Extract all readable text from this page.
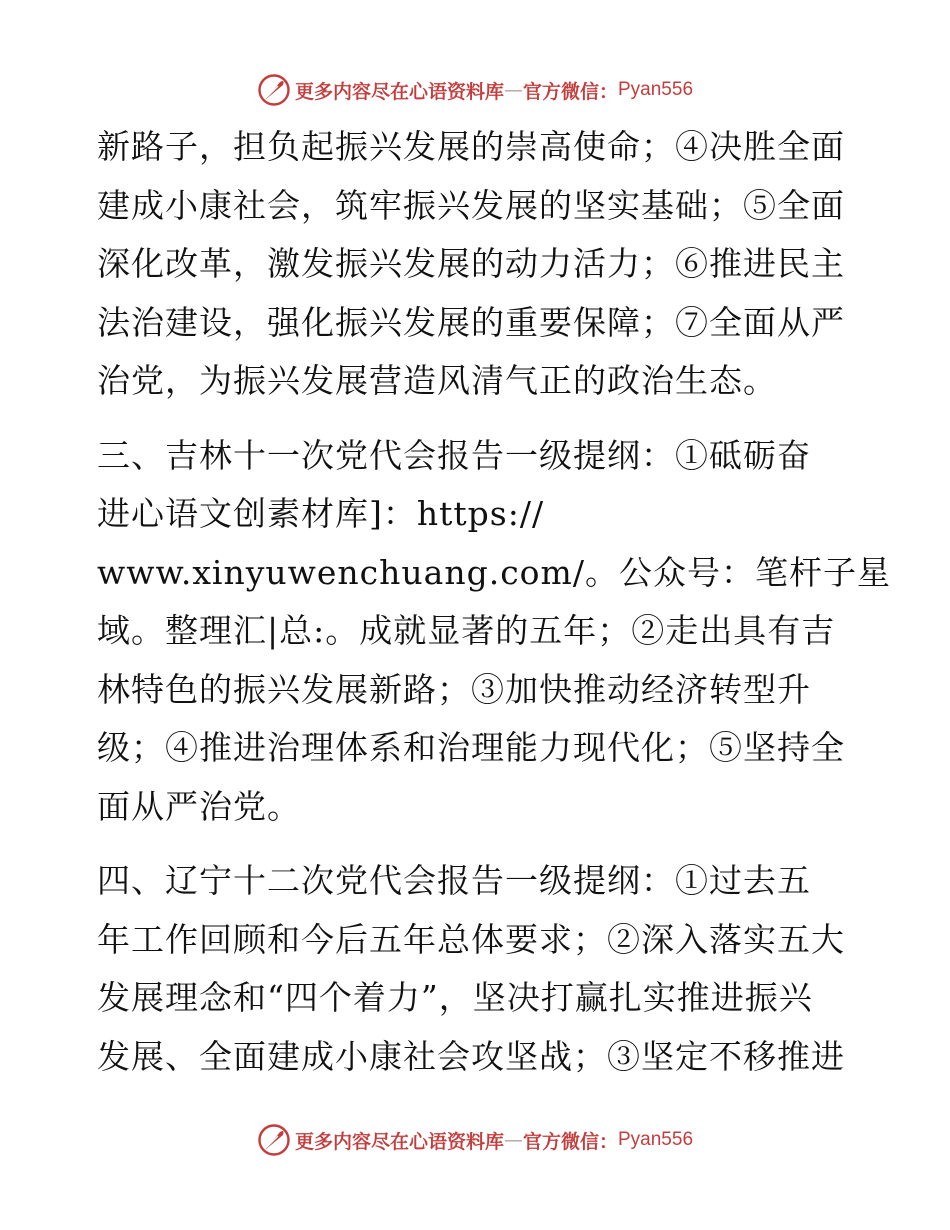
更多内容尽在心语资料库 — 官方微信： Pyan556
新路子，担负起振兴发展的崇高使命；④决胜全面
建成小康社会，筑牢振兴发展的坚实基础；⑤全面
深化改革，激发振兴发展的动力活力；⑥推进民主
法治建设，强化振兴发展的重要保障；⑦全面从严
治党，为振兴发展营造风清气正的政治生态。
三、吉林十一次党代会报告一级提纲：①砥砺奋
进心语文创素材库]：https://
www.xinyuwenchuang.com/。公众号：笔杆子星
域。整理汇|总:。成就显著的五年；②走出具有吉
林特色的振兴发展新路；③加快推动经济转型升
级；④推进治理体系和治理能力现代化；⑤坚持全
面从严治党。
四、辽宁十二次党代会报告一级提纲：①过去五
年工作回顾和今后五年总体要求；②深入落实五大
发展理念和“四个着力”，坚决打赢扎实推进振兴
发展、全面建成小康社会攻坚战；③坚定不移推进
更多内容尽在心语资料库 — 官方微信： Pyan556
